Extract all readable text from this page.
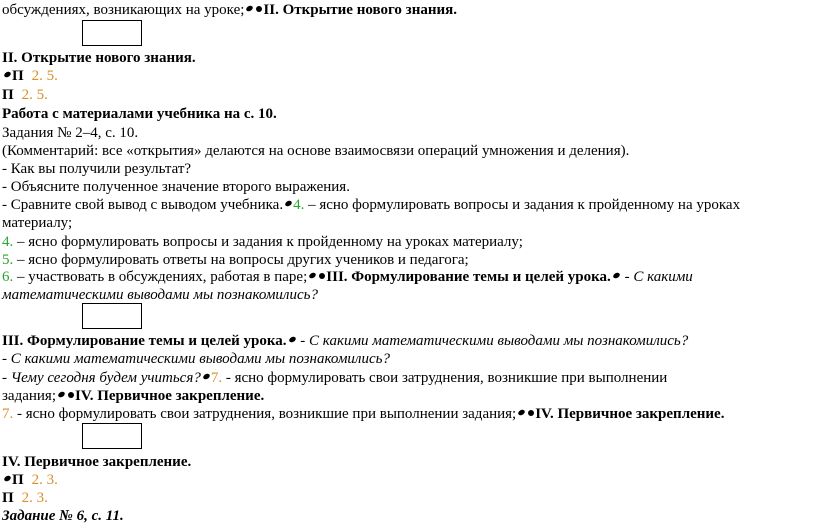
обсуждениях, возникающих на уроке; II. Открытие нового знания.
II. Открытие нового знания.
П 2. 5.
П 2. 5.
Работа с материалами учебника на с. 10.
Задания № 2–4, с. 10.
(Комментарий: все «открытия» делаются на основе взаимосвязи операций умножения и деления).
- Как вы получили результат?
- Объясните полученное значение второго выражения.
- Сравните свой вывод с выводом учебника. 4. – ясно формулировать вопросы и задания к пройденному на уроках
материалу;
4. – ясно формулировать вопросы и задания к пройденному на уроках материалу;
5. – ясно формулировать ответы на вопросы других учеников и педагога;
6. – участвовать в обсуждениях, работая в паре; III. Формулирование темы и целей урока. - С какими
математическими выводами мы познакомились?
III. Формулирование темы и целей урока. - С какими математическими выводами мы познакомились?
- С какими математическими выводами мы познакомились?
- Чему сегодня будем учиться? 7. - ясно формулировать свои затруднения, возникшие при выполнении
задания; IV. Первичное закрепление.
7. - ясно формулировать свои затруднения, возникшие при выполнении задания; IV. Первичное закрепление.
IV. Первичное закрепление.
П 2. 3.
П 2. 3.
Задание № 6, с. 11.
